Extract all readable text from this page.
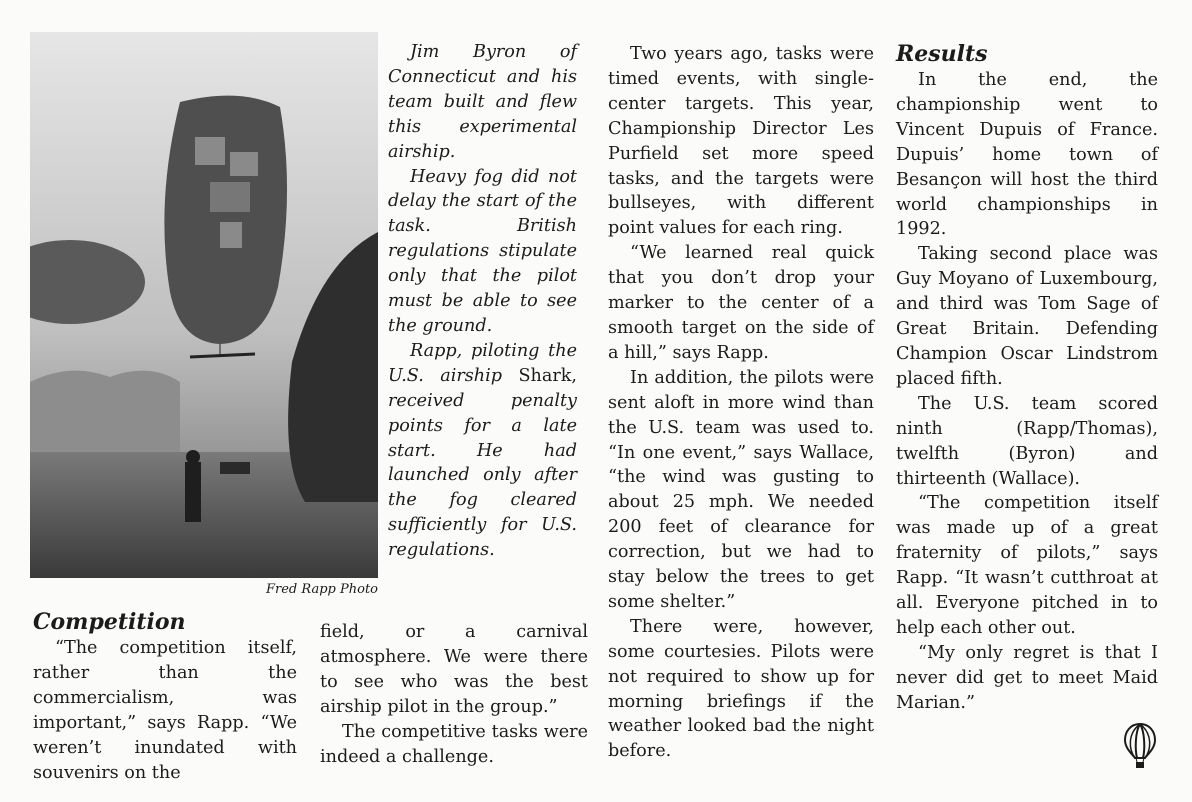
Fred Rapp Photo

Jim Byron of Connecticut and his team built and flew this experimental airship.

Heavy fog did not delay the start of the task. British regulations stipulate only that the pilot must be able to see the ground.

Rapp, piloting the U.S. airship Shark, received penalty points for a late start. He had launched only after the fog cleared sufficiently for U.S. regulations.

Competition

“The competition itself, rather than the commercialism, was important,” says Rapp. “We weren’t inundated with souvenirs on the

field, or a carnival atmosphere. We were there to see who was the best airship pilot in the group.”

The competitive tasks were indeed a challenge.

Two years ago, tasks were timed events, with single-center targets. This year, Championship Director Les Purfield set more speed tasks, and the targets were bullseyes, with different point values for each ring.

“We learned real quick that you don’t drop your marker to the center of a smooth target on the side of a hill,” says Rapp.

In addition, the pilots were sent aloft in more wind than the U.S. team was used to. “In one event,” says Wallace, “the wind was gusting to about 25 mph. We needed 200 feet of clearance for correction, but we had to stay below the trees to get some shelter.”

There were, however, some courtesies. Pilots were not required to show up for morning briefings if the weather looked bad the night before.

Results

In the end, the championship went to Vincent Dupuis of France. Dupuis’ home town of Besançon will host the third world championships in 1992.

Taking second place was Guy Moyano of Luxembourg, and third was Tom Sage of Great Britain. Defending Champion Oscar Lindstrom placed fifth.

The U.S. team scored ninth (Rapp/Thomas), twelfth (Byron) and thirteenth (Wallace).

“The competition itself was made up of a great fraternity of pilots,” says Rapp. “It wasn’t cutthroat at all. Everyone pitched in to help each other out.

“My only regret is that I never did get to meet Maid Marian.”
